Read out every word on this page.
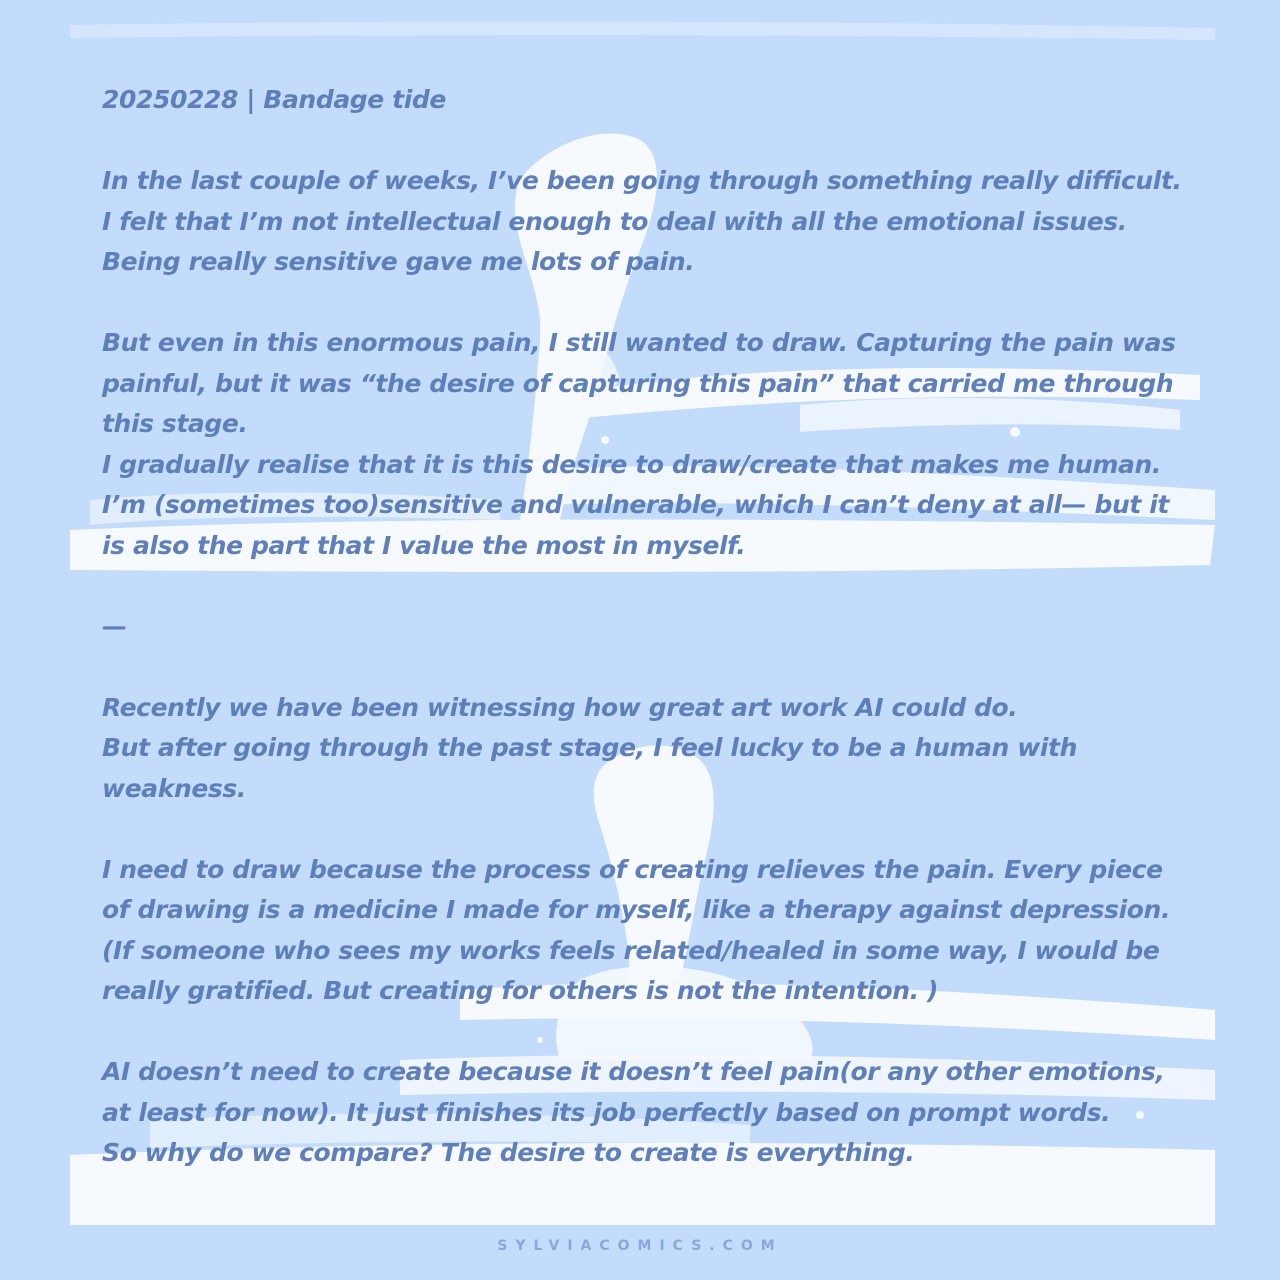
20250228 | Bandage tide
In the last couple of weeks, I’ve been going through something really difficult.
I felt that I’m not intellectual enough to deal with all the emotional issues.
Being really sensitive gave me lots of pain.
But even in this enormous pain, I still wanted to draw. Capturing the pain was
painful, but it was “the desire of capturing this pain” that carried me through
this stage.
I gradually realise that it is this desire to draw/create that makes me human.
I’m (sometimes too)sensitive and vulnerable, which I can’t deny at all— but it
is also the part that I value the most in myself.
—
Recently we have been witnessing how great art work AI could do.
But after going through the past stage, I feel lucky to be a human with
weakness.
I need to draw because the process of creating relieves the pain. Every piece
of drawing is a medicine I made for myself, like a therapy against depression.
(If someone who sees my works feels related/healed in some way, I would be
really gratified. But creating for others is not the intention. )
AI doesn’t need to create because it doesn’t feel pain(or any other emotions,
at least for now). It just finishes its job perfectly based on prompt words.
So why do we compare? The desire to create is everything.
SYLVIACOMICS.COM
